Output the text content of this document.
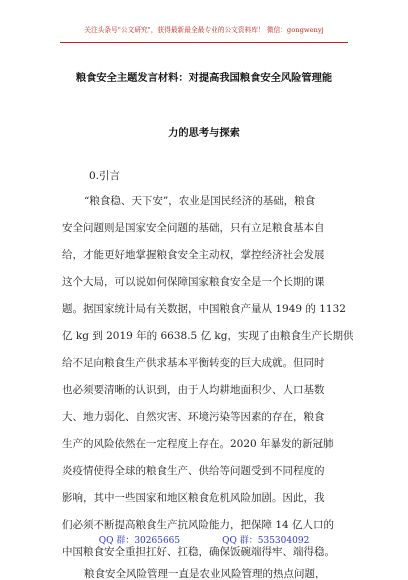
关注头条号"公文研究"，获得最新最全最专业的公文资料库！ 微信：gongwenyj
粮食安全主题发言材料：对提高我国粮食安全风险管理能
力的思考与探索
0.引言
“粮食稳、天下安”，农业是国民经济的基础，粮食
安全问题则是国家安全问题的基础，只有立足粮食基本自
给，才能更好地掌握粮食安全主动权，掌控经济社会发展
这个大局，可以说如何保障国家粮食安全是一个长期的课
题。据国家统计局有关数据，中国粮食产量从 1949 的 1132
亿 kg 到 2019 年的 6638.5 亿 kg，实现了由粮食生产长期供
给不足向粮食生产供求基本平衡转变的巨大成就。但同时
也必须要清晰的认识到，由于人均耕地面积少、人口基数
大、地力弱化、自然灾害、环境污染等因素的存在，粮食
生产的风险依然在一定程度上存在。2020 年暴发的新冠肺
炎疫情使得全球的粮食生产、供给等问题受到不同程度的
影响，其中一些国家和地区粮食危机风险加剧。因此，我
们必须不断提高粮食生产抗风险能力，把保障 14 亿人口的
中国粮食安全重担扛好、扛稳，确保饭碗端得牢、端得稳。
粮食安全风险管理一直是农业风险管理的热点问题，
QQ 群：30265665	QQ 群：535304092
